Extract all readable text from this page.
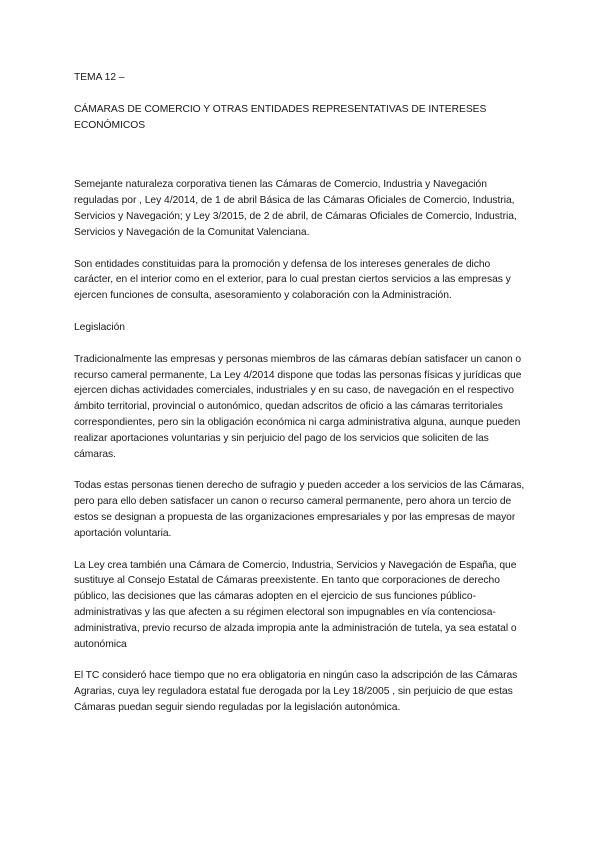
TEMA 12 –

CÁMARAS DE COMERCIO Y OTRAS ENTIDADES REPRESENTATIVAS DE INTERESES ECONÓMICOS

Semejante naturaleza corporativa tienen las Cámaras de Comercio, Industria y Navegación reguladas por , Ley 4/2014, de 1 de abril Básica de las Cámaras Oficiales de Comercio, Industria, Servicios y Navegación; y Ley 3/2015, de 2 de abril, de Cámaras Oficiales de Comercio, Industria, Servicios y Navegación de la Comunitat Valenciana.

Son entidades constituidas para la promoción y defensa de los intereses generales de dicho carácter, en el interior como en el exterior, para lo cual prestan ciertos servicios a las empresas y ejercen funciones de consulta, asesoramiento y colaboración con la Administración.

Legislación

Tradicionalmente las empresas y personas miembros de las cámaras debían satisfacer un canon o recurso cameral permanente, La Ley 4/2014 dispone que todas las personas físicas y jurídicas que ejercen dichas actividades comerciales, industriales y en su caso, de navegación en el respectivo ámbito territorial, provincial o autonómico, quedan adscritos de oficio a las cámaras territoriales correspondientes, pero sin la obligación económica ni carga administrativa alguna, aunque pueden realizar aportaciones voluntarias y sin perjuicio del pago de los servicios que soliciten de las cámaras.

Todas estas personas tienen derecho de sufragio y pueden acceder a los servicios de las Cámaras, pero para ello deben satisfacer un canon o recurso cameral permanente, pero ahora un tercio de estos se designan a propuesta de las organizaciones empresariales y por las empresas de mayor aportación voluntaria.

La Ley crea también una Cámara de Comercio, Industria, Servicios y Navegación de España, que sustituye al Consejo Estatal de Cámaras preexistente. En tanto que corporaciones de derecho público, las decisiones que las cámaras adopten en el ejercicio de sus funciones público- administrativas y las que afecten a su régimen electoral son impugnables en vía contenciosa- administrativa, previo recurso de alzada impropia ante la administración de tutela, ya sea estatal o autonómica

El TC consideró hace tiempo que no era obligatoria en ningún caso la adscripción de las Cámaras Agrarias, cuya ley reguladora estatal fue derogada por la Ley 18/2005 , sin perjuicio de que estas Cámaras puedan seguir siendo reguladas por la legislación autonómica.
